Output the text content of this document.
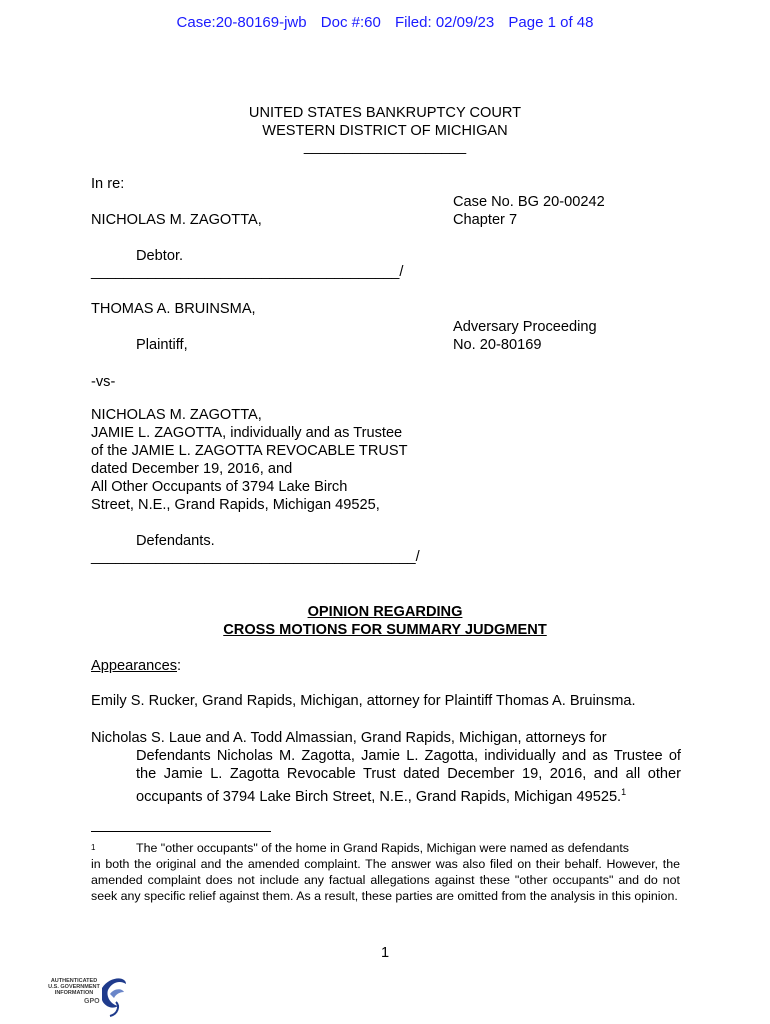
Case:20-80169-jwb Doc #:60 Filed: 02/09/23 Page 1 of 48
UNITED STATES BANKRUPTCY COURT
WESTERN DISTRICT OF MICHIGAN
____________________
In re:
NICHOLAS M. ZAGOTTA,
Case No. BG 20-00242
Chapter 7
Debtor.
______________________________________/
THOMAS A. BRUINSMA,
Adversary Proceeding
No. 20-80169
Plaintiff,
-vs-
NICHOLAS M. ZAGOTTA,
JAMIE L. ZAGOTTA, individually and as Trustee
of the JAMIE L. ZAGOTTA REVOCABLE TRUST
dated December 19, 2016, and
All Other Occupants of 3794 Lake Birch
Street, N.E., Grand Rapids, Michigan 49525,
Defendants.
________________________________________/
OPINION REGARDING
CROSS MOTIONS FOR SUMMARY JUDGMENT
Appearances:
Emily S. Rucker, Grand Rapids, Michigan, attorney for Plaintiff Thomas A. Bruinsma.
Nicholas S. Laue and A. Todd Almassian, Grand Rapids, Michigan, attorneys for
Defendants Nicholas M. Zagotta, Jamie L. Zagotta, individually and as Trustee of the Jamie L. Zagotta Revocable Trust dated December 19, 2016, and all other occupants of 3794 Lake Birch Street, N.E., Grand Rapids, Michigan 49525.$^1$
$^1$	The "other occupants" of the home in Grand Rapids, Michigan were named as defendants
in both the original and the amended complaint. The answer was also filed on their behalf. However, the amended complaint does not include any factual allegations against these "other occupants" and do not seek any specific relief against them. As a result, these parties are omitted from the analysis in this opinion.
1
AUTHENTICATED
U.S. GOVERNMENT
INFORMATION
GPO
